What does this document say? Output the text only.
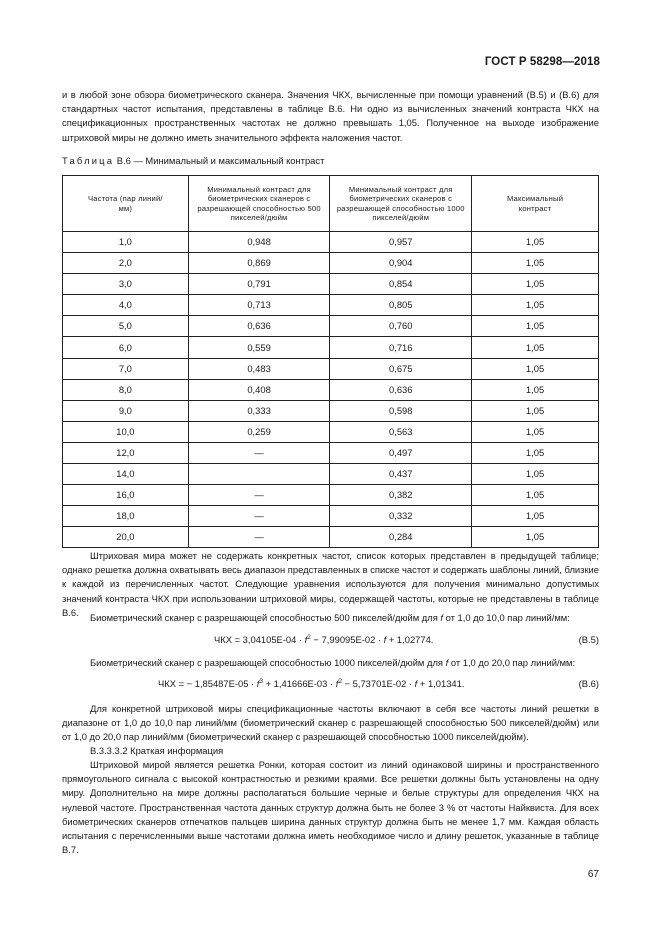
ГОСТ Р 58298—2018
и в любой зоне обзора биометрического сканера. Значения ЧКХ, вычисленные при помощи уравнений (В.5) и (В.6) для стандартных частот испытания, представлены в таблице В.6. Ни одно из вычисленных значений контраста ЧКХ на спецификационных пространственных частотах не должно превышать 1,05. Полученное на выходе изображение штриховой миры не должно иметь значительного эффекта наложения частот.
Таблица В.6 — Минимальный и максимальный контраст
Частота (пар линий/мм)	Минимальный контраст для биометрических сканеров с разрешающей способностью 500 пикселей/дюйм	Минимальный контраст для биометрических сканеров с разрешающей способностью 1000 пикселей/дюйм	Максимальный контраст
1,0	0,948	0,957	1,05
2,0	0,869	0,904	1,05
3,0	0,791	0,854	1,05
4,0	0,713	0,805	1,05
5,0	0,636	0,760	1,05
6,0	0,559	0,716	1,05
7,0	0,483	0,675	1,05
8,0	0,408	0,636	1,05
9,0	0,333	0,598	1,05
10,0	0,259	0,563	1,05
12,0	—	0,497	1,05
14,0		0,437	1,05
16,0	—	0,382	1,05
18,0	—	0,332	1,05
20,0	—	0,284	1,05
Штриховая мира может не содержать конкретных частот, список которых представлен в предыдущей таблице; однако решетка должна охватывать весь диапазон представленных в списке частот и содержать шаблоны линий, близкие к каждой из перечисленных частот. Следующие уравнения используются для получения минимально допустимых значений контраста ЧКХ при использовании штриховой миры, содержащей частоты, которые не представлены в таблице В.6.	Биометрический сканер с разрешающей способностью 500 пикселей/дюйм для f от 1,0 до 10,0 пар линий/мм:
ЧКХ = $3,04105E-04 \cdot f^2 - 7,99095E-02 \cdot f + 1,02774$.	(В.5)
Биометрический сканер с разрешающей способностью 1000 пикселей/дюйм для f от 1,0 до 20,0 пар линий/мм:
ЧКХ = − $1,85487E-05 \cdot f^3 + 1,41666E-03 \cdot f^2 - 5,73701E-02 \cdot f + 1,01341$.	(В.6)
Для конкретной штриховой миры спецификационные частоты включают в себя все частоты линий решетки в диапазоне от 1,0 до 10,0 пар линий/мм (биометрический сканер с разрешающей способностью 500 пикселей/дюйм) или от 1,0 до 20,0 пар линий/мм (биометрический сканер с разрешающей способностью 1000 пикселей/дюйм).
В.3.3.3.2 Краткая информация
Штриховой мирой является решетка Ронки, которая состоит из линий одинаковой ширины и пространственного прямоугольного сигнала с высокой контрастностью и резкими краями. Все решетки должны быть установлены на одну миру. Дополнительно на мире должны располагаться большие черные и белые структуры для определения ЧКХ на нулевой частоте. Пространственная частота данных структур должна быть не более 3 % от частоты Найквиста. Для всех биометрических сканеров отпечатков пальцев ширина данных структур должна быть не менее 1,7 мм. Каждая область испытания с перечисленными выше частотами должна иметь необходимое число и длину решеток, указанные в таблице В.7.
67
